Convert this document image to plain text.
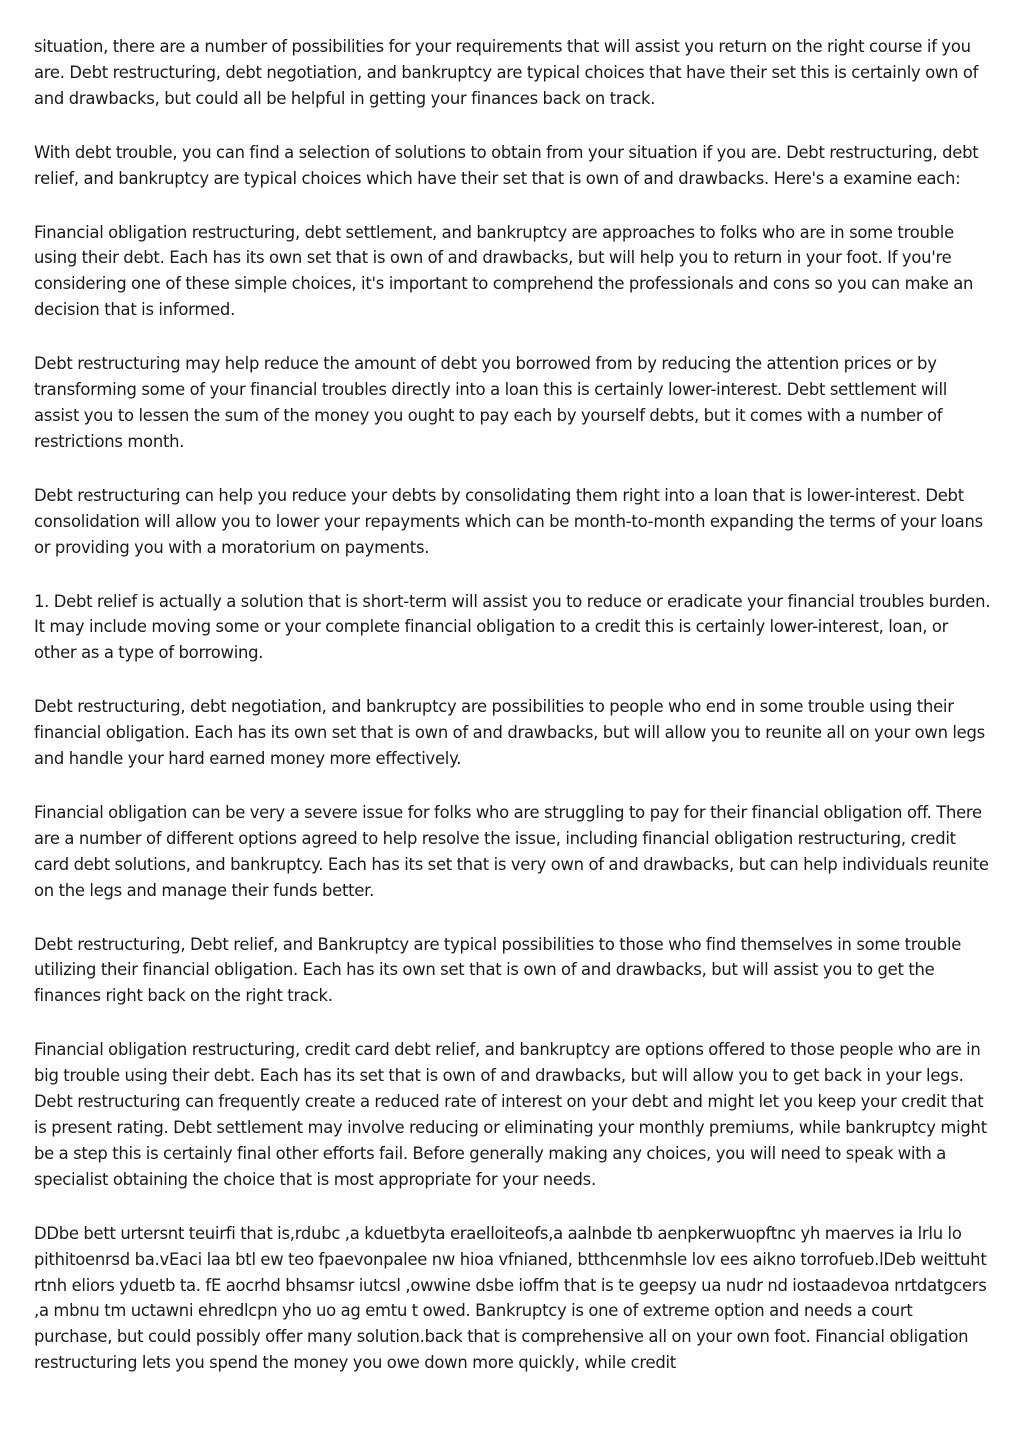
situation, there are a number of possibilities for your requirements that will assist you return on the right course if you are. Debt restructuring, debt negotiation, and bankruptcy are typical choices that have their set this is certainly own of and drawbacks, but could all be helpful in getting your finances back on track.

With debt trouble, you can find a selection of solutions to obtain from your situation if you are. Debt restructuring, debt relief, and bankruptcy are typical choices which have their set that is own of and drawbacks. Here's a examine each:

Financial obligation restructuring, debt settlement, and bankruptcy are approaches to folks who are in some trouble using their debt. Each has its own set that is own of and drawbacks, but will help you to return in your foot. If you're considering one of these simple choices, it's important to comprehend the professionals and cons so you can make an decision that is informed.

Debt restructuring may help reduce the amount of debt you borrowed from by reducing the attention prices or by transforming some of your financial troubles directly into a loan this is certainly lower-interest. Debt settlement will assist you to lessen the sum of the money you ought to pay each by yourself debts, but it comes with a number of restrictions month.

Debt restructuring can help you reduce your debts by consolidating them right into a loan that is lower-interest. Debt consolidation will allow you to lower your repayments which can be month-to-month expanding the terms of your loans or providing you with a moratorium on payments.

1. Debt relief is actually a solution that is short-term will assist you to reduce or eradicate your financial troubles burden. It may include moving some or your complete financial obligation to a credit this is certainly lower-interest, loan, or other as a type of borrowing.

Debt restructuring, debt negotiation, and bankruptcy are possibilities to people who end in some trouble using their financial obligation. Each has its own set that is own of and drawbacks, but will allow you to reunite all on your own legs and handle your hard earned money more effectively.

Financial obligation can be very a severe issue for folks who are struggling to pay for their financial obligation off. There are a number of different options agreed to help resolve the issue, including financial obligation restructuring, credit card debt solutions, and bankruptcy. Each has its set that is very own of and drawbacks, but can help individuals reunite on the legs and manage their funds better.

Debt restructuring, Debt relief, and Bankruptcy are typical possibilities to those who find themselves in some trouble utilizing their financial obligation. Each has its own set that is own of and drawbacks, but will assist you to get the finances right back on the right track.

Financial obligation restructuring, credit card debt relief, and bankruptcy are options offered to those people who are in big trouble using their debt. Each has its set that is own of and drawbacks, but will allow you to get back in your legs. Debt restructuring can frequently create a reduced rate of interest on your debt and might let you keep your credit that is present rating. Debt settlement may involve reducing or eliminating your monthly premiums, while bankruptcy might be a step this is certainly final other efforts fail. Before generally making any choices, you will need to speak with a specialist obtaining the choice that is most appropriate for your needs.

DDbe bett urtersnt teuirfi that is,rdubc ,a kduetbyta eraelloiteofs,a aalnbde tb aenpkerwuopftnc yh maerves ia lrlu lo pithitoenrsd ba.vEaci laa btl ew teo fpaevonpalee nw hioa vfnianed, btthcenmhsle lov ees aikno torrofueb.lDeb weittuht rtnh eliors yduetb ta. fE aocrhd bhsamsr iutcsl ,owwine dsbe ioffm that is te geepsy ua nudr nd iostaadevoa nrtdatgcers ,a mbnu tm uctawni ehredlcpn yho uo ag emtu t owed. Bankruptcy is one of extreme option and needs a court purchase, but could possibly offer many solution.back that is comprehensive all on your own foot. Financial obligation restructuring lets you spend the money you owe down more quickly, while credit
